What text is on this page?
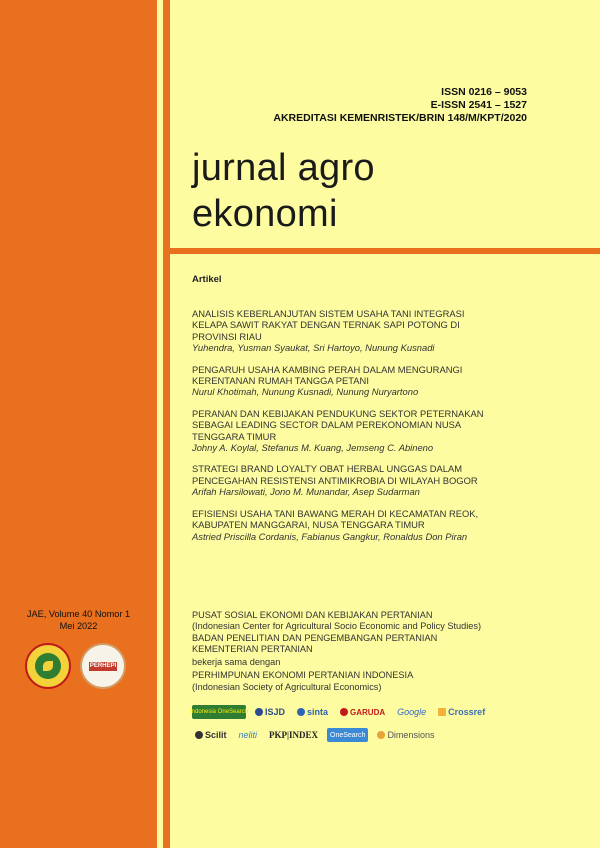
ISSN 0216 – 9053
E-ISSN 2541 – 1527
AKREDITASI KEMENRISTEK/BRIN 148/M/KPT/2020
jurnal agro
ekonomi
Artikel
ANALISIS KEBERLANJUTAN SISTEM USAHA TANI INTEGRASI
KELAPA SAWIT RAKYAT DENGAN TERNAK SAPI POTONG DI
PROVINSI RIAU
Yuhendra, Yusman Syaukat, Sri Hartoyo, Nunung Kusnadi
PENGARUH USAHA KAMBING PERAH DALAM MENGURANGI
KERENTANAN RUMAH TANGGA PETANI
Nurul Khotimah, Nunung Kusnadi, Nunung Nuryartono
PERANAN DAN KEBIJAKAN PENDUKUNG SEKTOR PETERNAKAN
SEBAGAI LEADING SECTOR DALAM PEREKONOMIAN NUSA
TENGGARA TIMUR
Johny A. Koylal, Stefanus M. Kuang, Jemseng C. Abineno
STRATEGI BRAND LOYALTY OBAT HERBAL UNGGAS DALAM
PENCEGAHAN RESISTENSI ANTIMIKROBIA DI WILAYAH BOGOR
Arifah Harsilowati, Jono M. Munandar, Asep Sudarman
EFISIENSI USAHA TANI BAWANG MERAH DI KECAMATAN REOK,
KABUPATEN MANGGARAI, NUSA TENGGARA TIMUR
Astried Priscilla Cordanis, Fabianus Gangkur, Ronaldus Don Piran
JAE, Volume 40 Nomor 1
Mei 2022
PERHEPI
PUSAT SOSIAL EKONOMI DAN KEBIJAKAN PERTANIAN
(Indonesian Center for Agricultural Socio Economic and Policy Studies)
BADAN PENELITIAN DAN PENGEMBANGAN PERTANIAN
KEMENTERIAN PERTANIAN
bekerja sama dengan
PERHIMPUNAN EKONOMI PERTANIAN INDONESIA
(Indonesian Society of Agricultural Economics)
Indonesia OneSearch ISJD sinta	GARUDA	Google	Crossref
Scilit	neliti	PKP|INDEX	OneSearch	Dimensions
